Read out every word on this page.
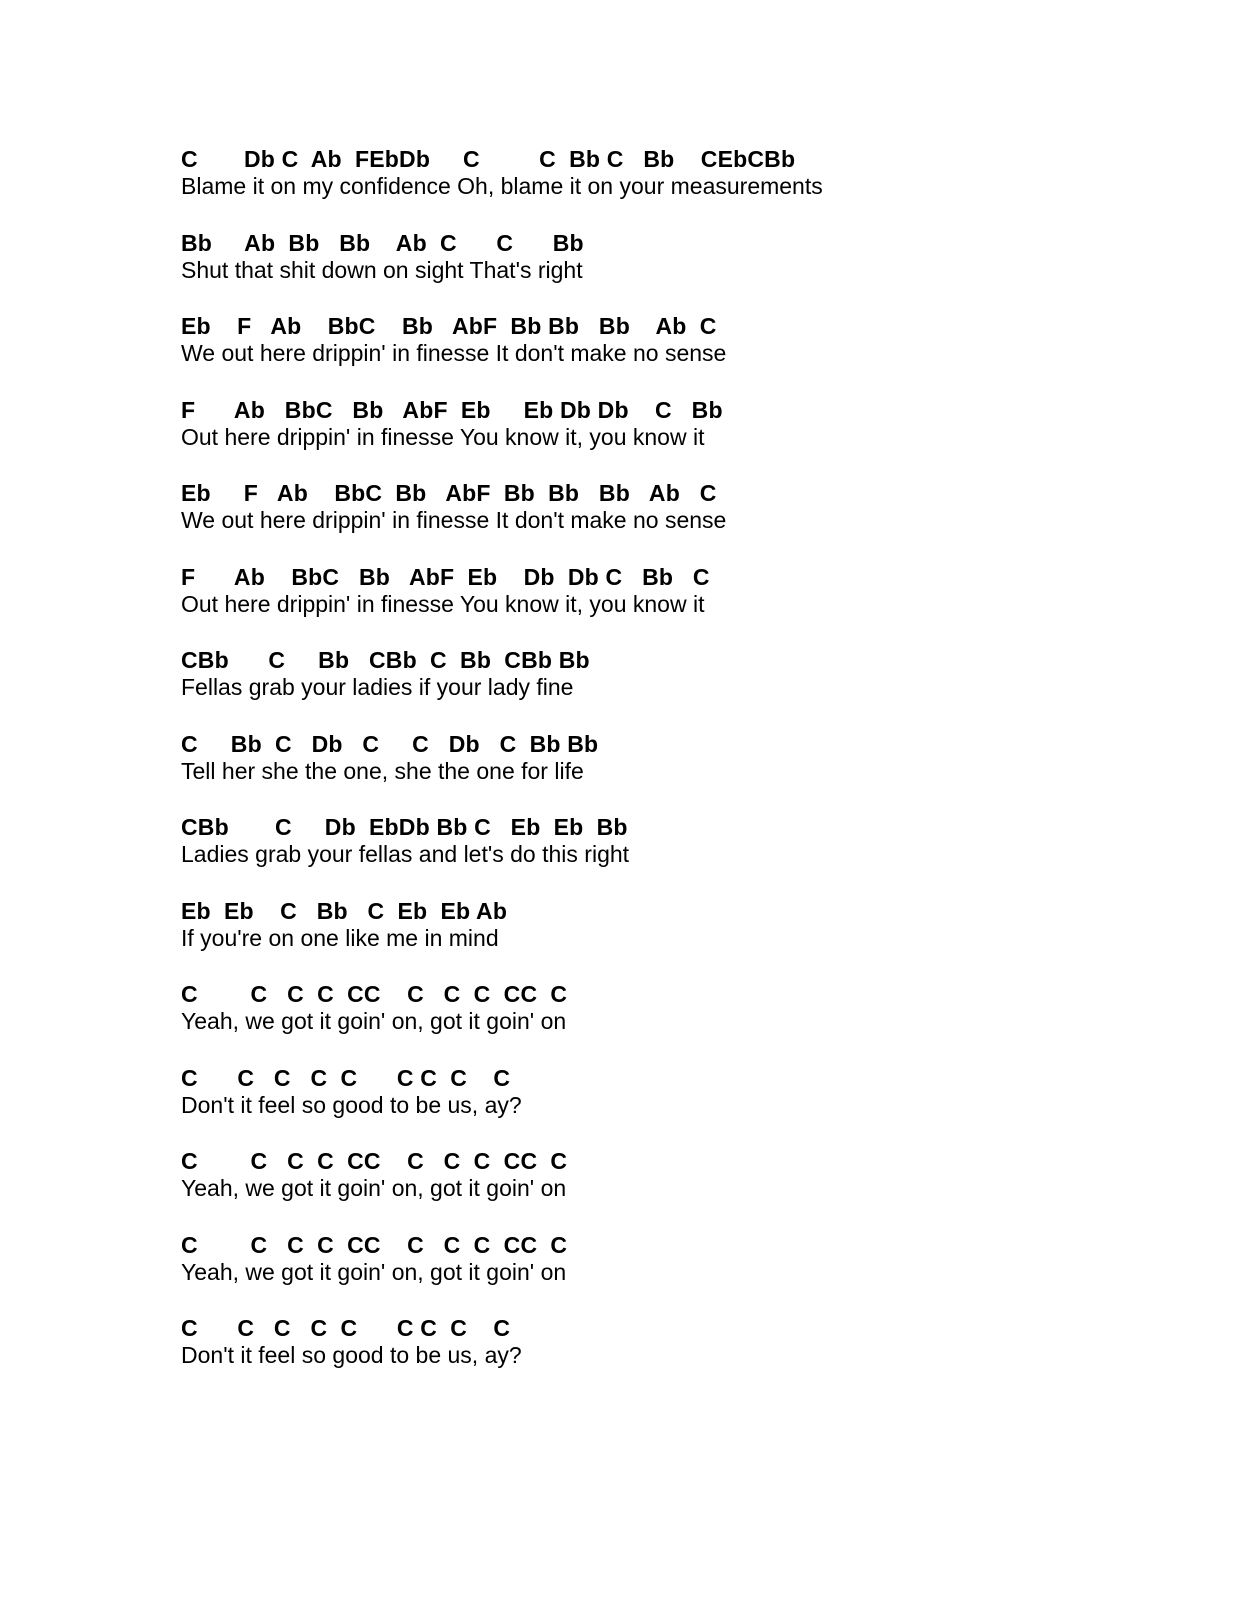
C       Db C  Ab  FEbDb     C         C  Bb C   Bb    CEbCBb
Blame it on my confidence Oh, blame it on your measurements
Bb     Ab  Bb   Bb    Ab  C      C      Bb
Shut that shit down on sight That's right
Eb    F   Ab    BbC    Bb   AbF  Bb Bb   Bb    Ab  C
We out here drippin' in finesse It don't make no sense
F      Ab   BbC   Bb   AbF  Eb     Eb Db Db    C   Bb
Out here drippin' in finesse You know it, you know it
Eb     F   Ab    BbC  Bb   AbF  Bb  Bb   Bb   Ab   C
We out here drippin' in finesse It don't make no sense
F      Ab    BbC   Bb   AbF  Eb    Db  Db C   Bb   C
Out here drippin' in finesse You know it, you know it
CBb      C     Bb   CBb  C  Bb  CBb Bb
Fellas grab your ladies if your lady fine
C     Bb  C   Db   C     C   Db   C  Bb Bb
Tell her she the one, she the one for life
CBb       C     Db  EbDb Bb C   Eb  Eb  Bb
Ladies grab your fellas and let's do this right
Eb  Eb    C   Bb   C  Eb  Eb Ab
If you're on one like me in mind
C        C   C  C  CC    C   C  C  CC  C
Yeah, we got it goin' on, got it goin' on
C      C   C   C  C      C C  C    C
Don't it feel so good to be us, ay?
C        C   C  C  CC    C   C  C  CC  C
Yeah, we got it goin' on, got it goin' on
C        C   C  C  CC    C   C  C  CC  C
Yeah, we got it goin' on, got it goin' on
C      C   C   C  C      C C  C    C
Don't it feel so good to be us, ay?
